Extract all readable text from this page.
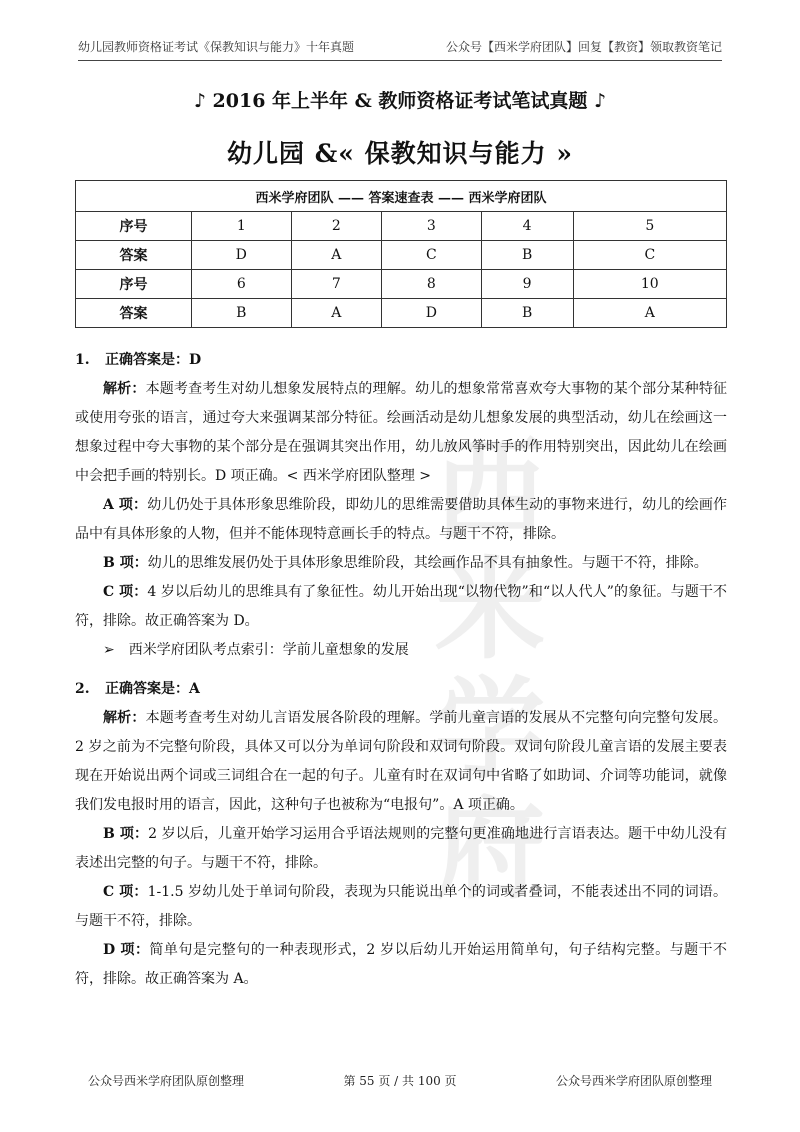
幼儿园教师资格证考试《保教知识与能力》十年真题	公众号【西米学府团队】回复【教资】领取教资笔记
♪ 2016 年上半年 & 教师资格证考试笔试真题 ♪
幼儿园 &« 保教知识与能力 »
西米学府团队 —— 答案速查表 —— 西米学府团队					
序号	1	2	3	4	5
答案	D	A	C	B	C
序号	6	7	8	9	10
答案	B	A	D	B	A

1. 正确答案是：D

解析：本题考查考生对幼儿想象发展特点的理解。幼儿的想象常常喜欢夸大事物的某个部分某种特征或使用夸张的语言，通过夸大来强调某部分特征。绘画活动是幼儿想象发展的典型活动，幼儿在绘画这一想象过程中夸大事物的某个部分是在强调其突出作用，幼儿放风筝时手的作用特别突出，因此幼儿在绘画中会把手画的特别长。D 项正确。< 西米学府团队整理 >

A 项：幼儿仍处于具体形象思维阶段，即幼儿的思维需要借助具体生动的事物来进行，幼儿的绘画作品中有具体形象的人物，但并不能体现特意画长手的特点。与题干不符，排除。

B 项：幼儿的思维发展仍处于具体形象思维阶段，其绘画作品不具有抽象性。与题干不符，排除。

C 项：4 岁以后幼儿的思维具有了象征性。幼儿开始出现“以物代物”和“以人代人”的象征。与题干不符，排除。故正确答案为 D。

➢ 西米学府团队考点索引：学前儿童想象的发展

2. 正确答案是：A

解析：本题考查考生对幼儿言语发展各阶段的理解。学前儿童言语的发展从不完整句向完整句发展。2 岁之前为不完整句阶段，具体又可以分为单词句阶段和双词句阶段。双词句阶段儿童言语的发展主要表现在开始说出两个词或三词组合在一起的句子。儿童有时在双词句中省略了如助词、介词等功能词，就像我们发电报时用的语言，因此，这种句子也被称为“电报句”。A 项正确。

B 项：2 岁以后，儿童开始学习运用合乎语法规则的完整句更准确地进行言语表达。题干中幼儿没有表述出完整的句子。与题干不符，排除。

C 项：1-1.5 岁幼儿处于单词句阶段，表现为只能说出单个的词或者叠词，不能表述出不同的词语。与题干不符，排除。

D 项：简单句是完整句的一种表现形式，2 岁以后幼儿开始运用简单句，句子结构完整。与题干不符，排除。故正确答案为 A。

西米
学府
公众号西米学府团队原创整理	第 55 页 / 共 100 页	公众号西米学府团队原创整理
